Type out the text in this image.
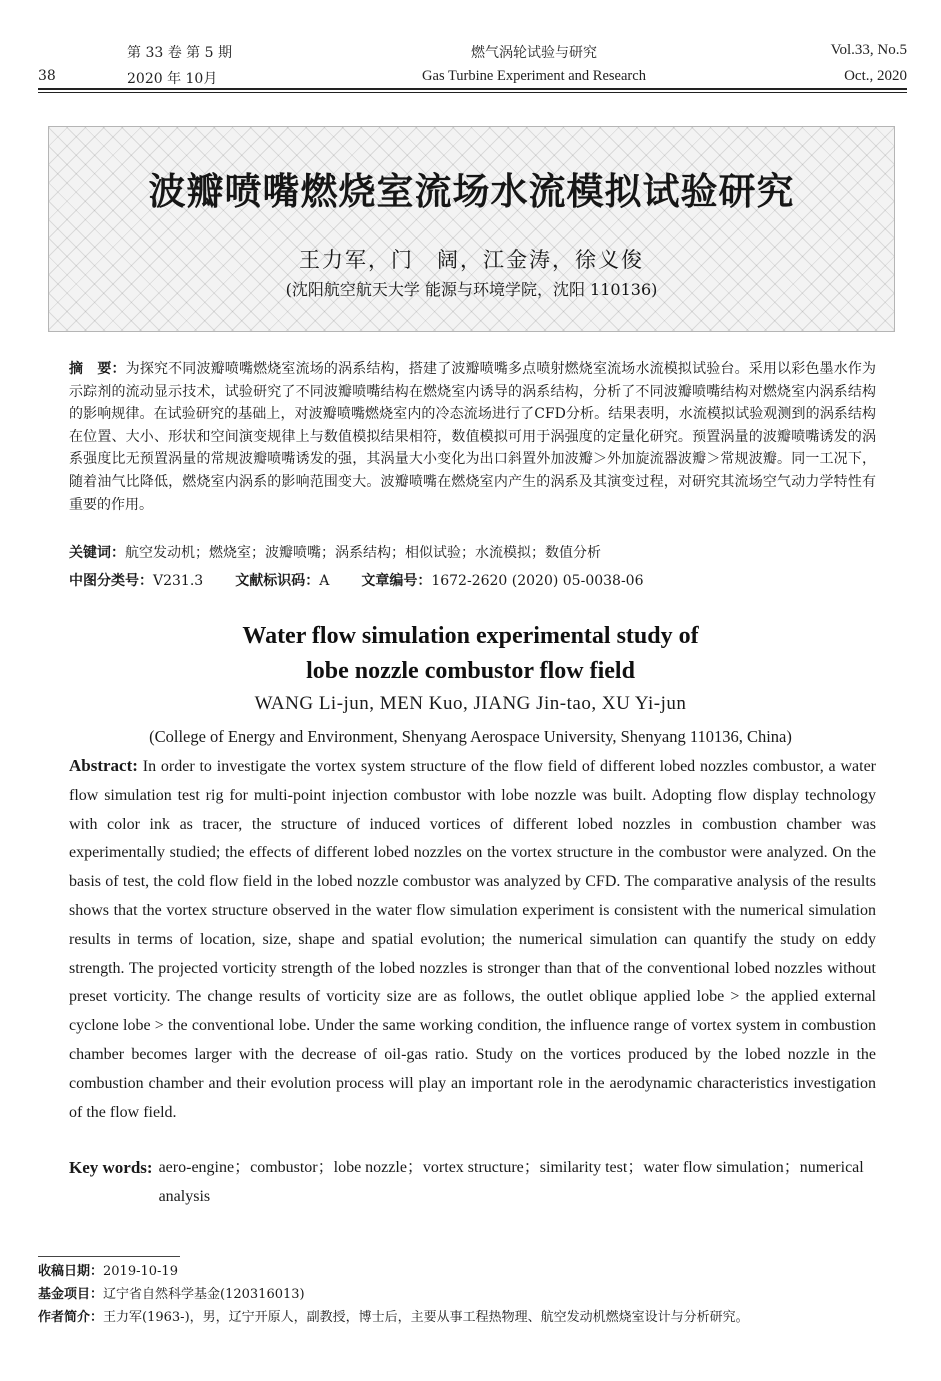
38
第 33 卷 第 5 期
2020 年 10月
燃气涡轮试验与研究
Gas Turbine Experiment and Research
Vol.33, No.5
Oct., 2020
波瓣喷嘴燃烧室流场水流模拟试验研究
王力军，门　阔，江金涛，徐义俊
(沈阳航空航天大学 能源与环境学院，沈阳 110136)
摘　要：为探究不同波瓣喷嘴燃烧室流场的涡系结构，搭建了波瓣喷嘴多点喷射燃烧室流场水流模拟试验台。采用以彩色墨水作为示踪剂的流动显示技术，试验研究了不同波瓣喷嘴结构在燃烧室内诱导的涡系结构，分析了不同波瓣喷嘴结构对燃烧室内涡系结构的影响规律。在试验研究的基础上，对波瓣喷嘴燃烧室内的冷态流场进行了CFD分析。结果表明，水流模拟试验观测到的涡系结构在位置、大小、形状和空间演变规律上与数值模拟结果相符，数值模拟可用于涡强度的定量化研究。预置涡量的波瓣喷嘴诱发的涡系强度比无预置涡量的常规波瓣喷嘴诱发的强，其涡量大小变化为出口斜置外加波瓣＞外加旋流器波瓣＞常规波瓣。同一工况下，随着油气比降低，燃烧室内涡系的影响范围变大。波瓣喷嘴在燃烧室内产生的涡系及其演变过程，对研究其流场空气动力学特性有重要的作用。
关键词：航空发动机；燃烧室；波瓣喷嘴；涡系结构；相似试验；水流模拟；数值分析
中图分类号：V231.3 文献标识码：A 文章编号：1672-2620 (2020) 05-0038-06
Water flow simulation experimental study of
lobe nozzle combustor flow field
WANG Li-jun, MEN Kuo, JIANG Jin-tao, XU Yi-jun
(College of Energy and Environment, Shenyang Aerospace University, Shenyang 110136, China)
Abstract: In order to investigate the vortex system structure of the flow field of different lobed nozzles combustor, a water flow simulation test rig for multi-point injection combustor with lobe nozzle was built. Adopting flow display technology with color ink as tracer, the structure of induced vortices of different lobed nozzles in combustion chamber was experimentally studied; the effects of different lobed nozzles on the vortex structure in the combustor were analyzed. On the basis of test, the cold flow field in the lobed nozzle combustor was analyzed by CFD. The comparative analysis of the results shows that the vortex structure observed in the water flow simulation experiment is consistent with the numerical simulation results in terms of location, size, shape and spatial evolution; the numerical simulation can quantify the study on eddy strength. The projected vorticity strength of the lobed nozzles is stronger than that of the conventional lobed nozzles without preset vorticity. The change results of vorticity size are as follows, the outlet oblique applied lobe > the applied external cyclone lobe > the conventional lobe. Under the same working condition, the influence range of vortex system in combustion chamber becomes larger with the decrease of oil-gas ratio. Study on the vortices produced by the lobed nozzle in the combustion chamber and their evolution process will play an important role in the aerodynamic characteristics investigation of the flow field.
Key words: aero-engine；combustor；lobe nozzle；vortex structure；similarity test；water flow simulation；numerical analysis
收稿日期：2019-10-19
基金项目：辽宁省自然科学基金(120316013)
作者简介：王力军(1963-)，男，辽宁开原人，副教授，博士后，主要从事工程热物理、航空发动机燃烧室设计与分析研究。
